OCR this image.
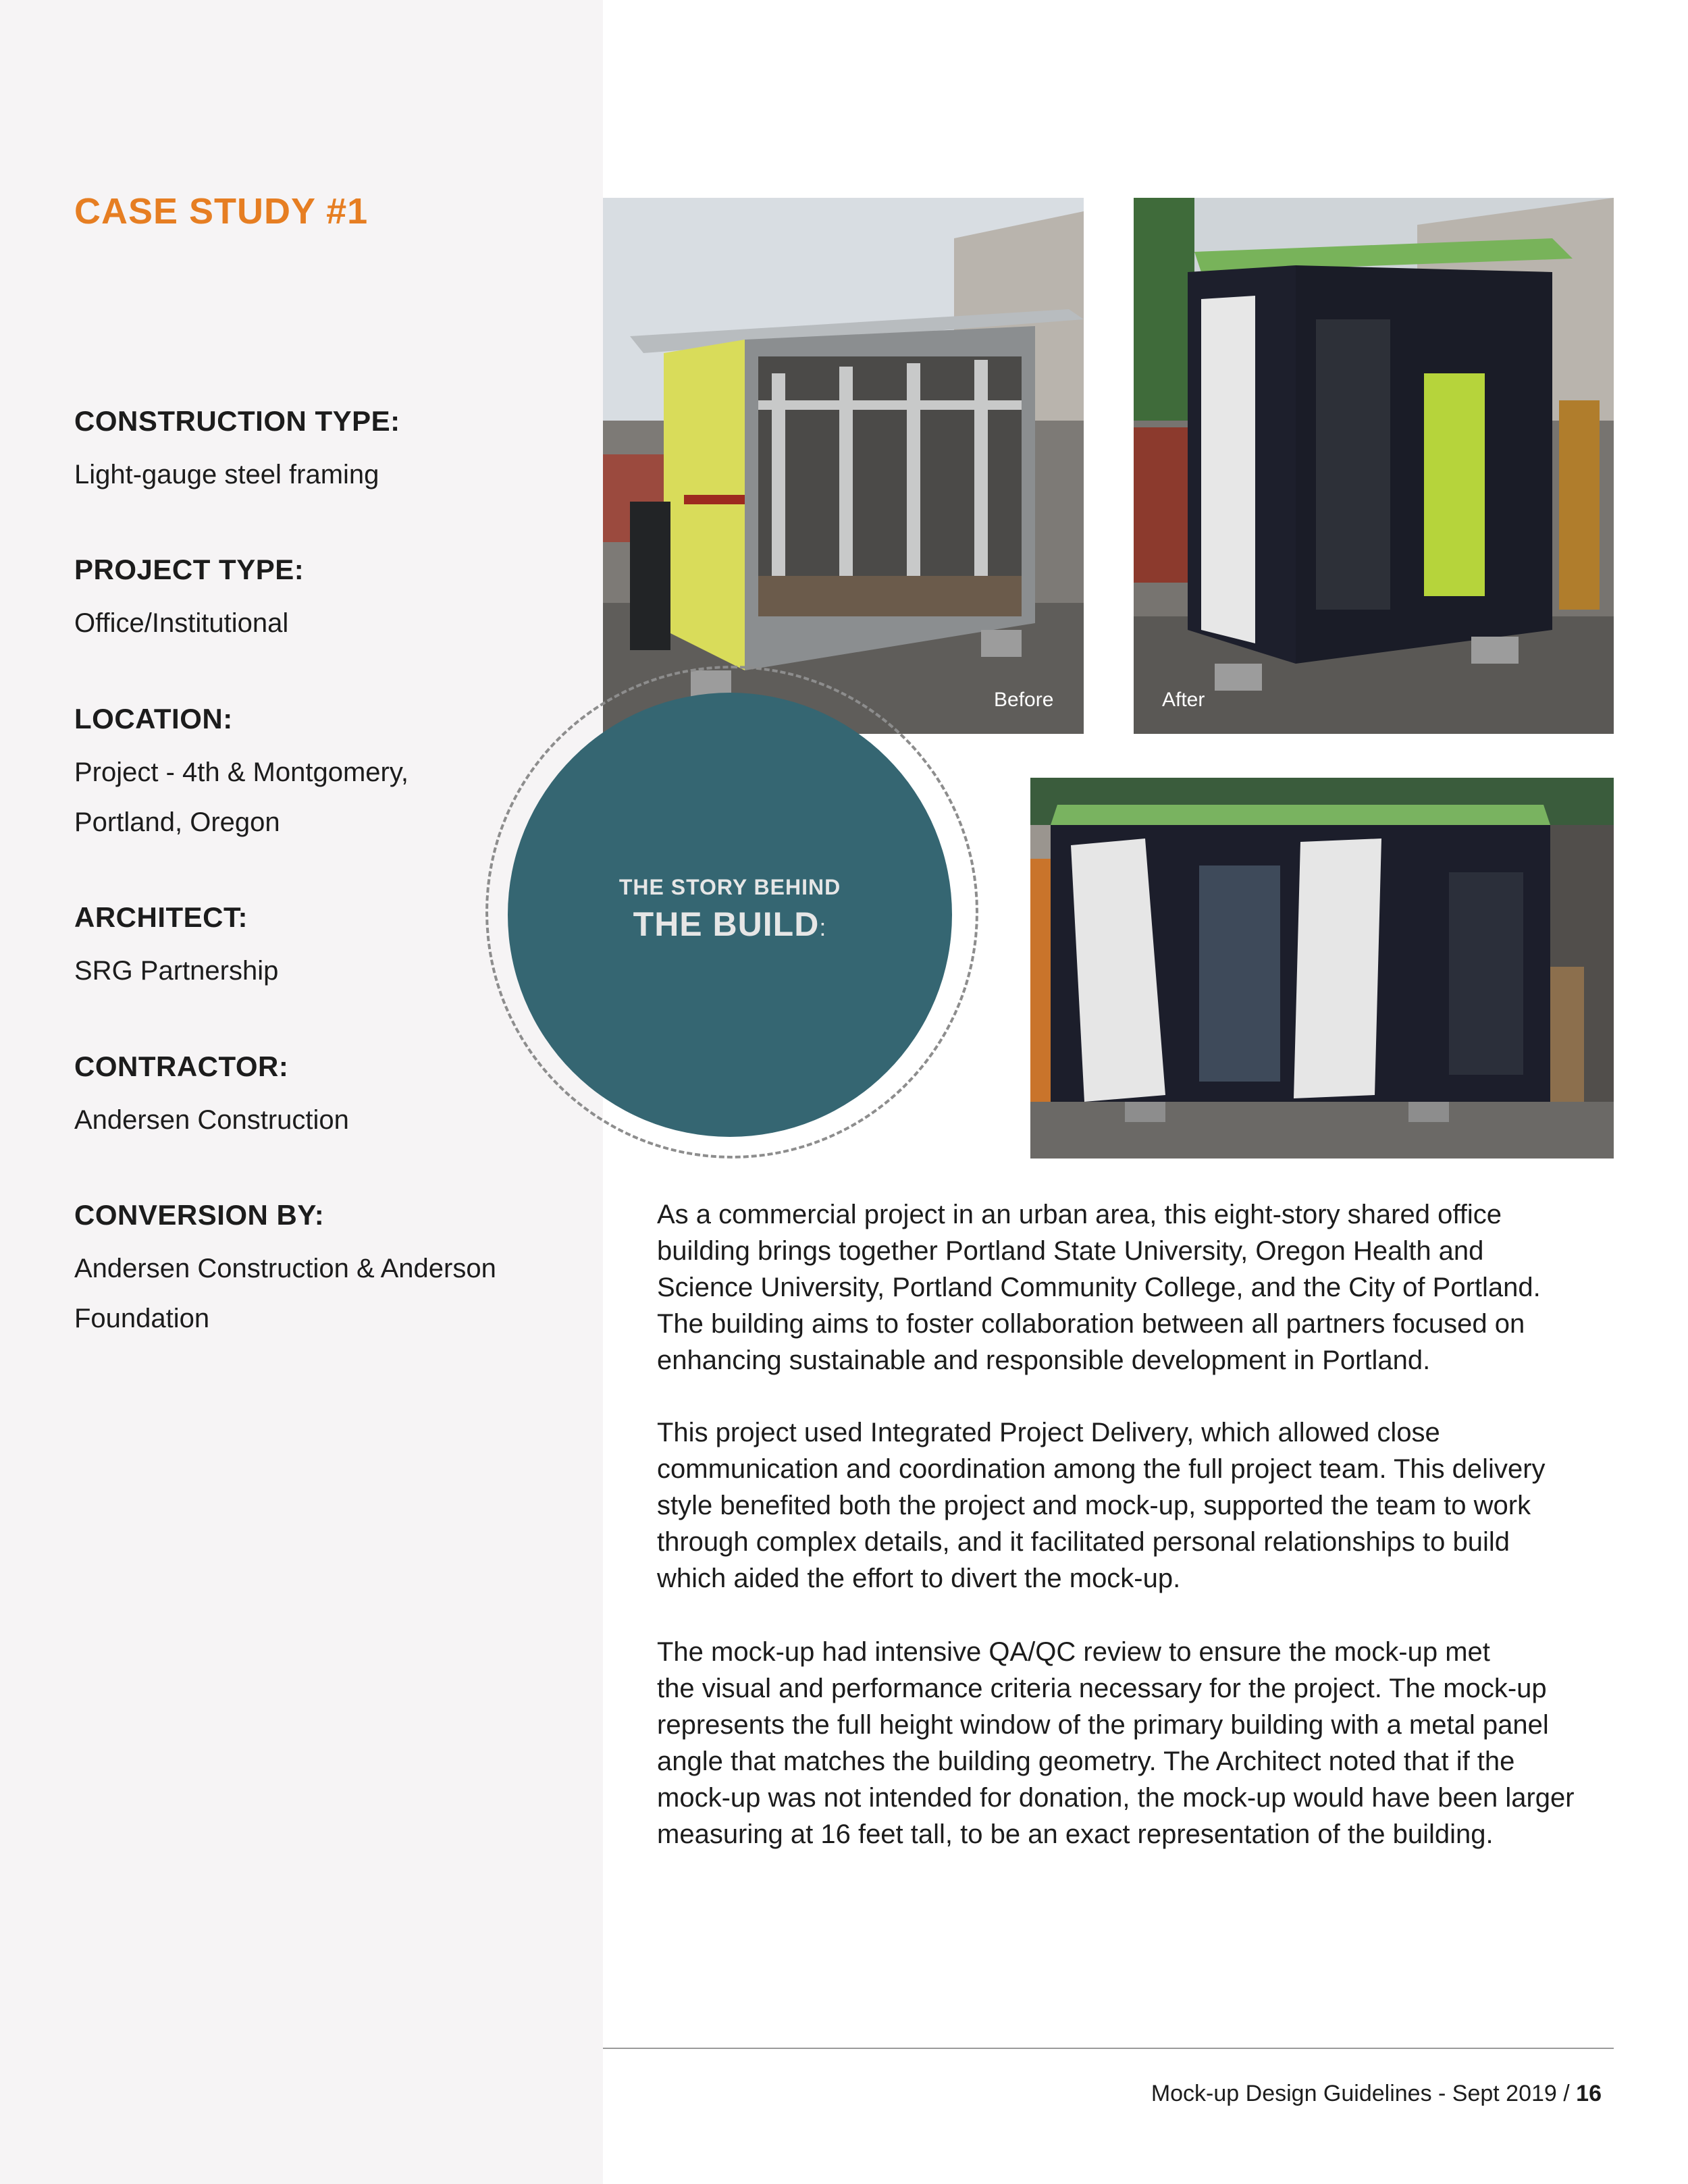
CASE STUDY #1
CONSTRUCTION TYPE:
Light-gauge steel framing
PROJECT TYPE:
Office/Institutional
LOCATION:
Project - 4th & Montgomery,
Portland, Oregon
ARCHITECT:
SRG Partnership
CONTRACTOR:
Andersen Construction
CONVERSION BY:
Andersen Construction & Anderson
Foundation
Before	After
THE STORY BEHIND
THE BUILD:
As a commercial project in an urban area, this eight-story shared office
building brings together Portland State University, Oregon Health and
Science University, Portland Community College, and the City of Portland.
The building aims to foster collaboration between all partners focused on
enhancing sustainable and responsible development in Portland.
This project used Integrated Project Delivery, which allowed close
communication and coordination among the full project team. This delivery
style benefited both the project and mock-up, supported the team to work
through complex details, and it facilitated personal relationships to build
which aided the effort to divert the mock-up.
The mock-up had intensive QA/QC review to ensure the mock-up met
the visual and performance criteria necessary for the project. The mock-up
represents the full height window of the primary building with a metal panel
angle that matches the building geometry. The Architect noted that if the
mock-up was not intended for donation, the mock-up would have been larger
measuring at 16 feet tall, to be an exact representation of the building.
Mock-up Design Guidelines - Sept 2019 / 16
